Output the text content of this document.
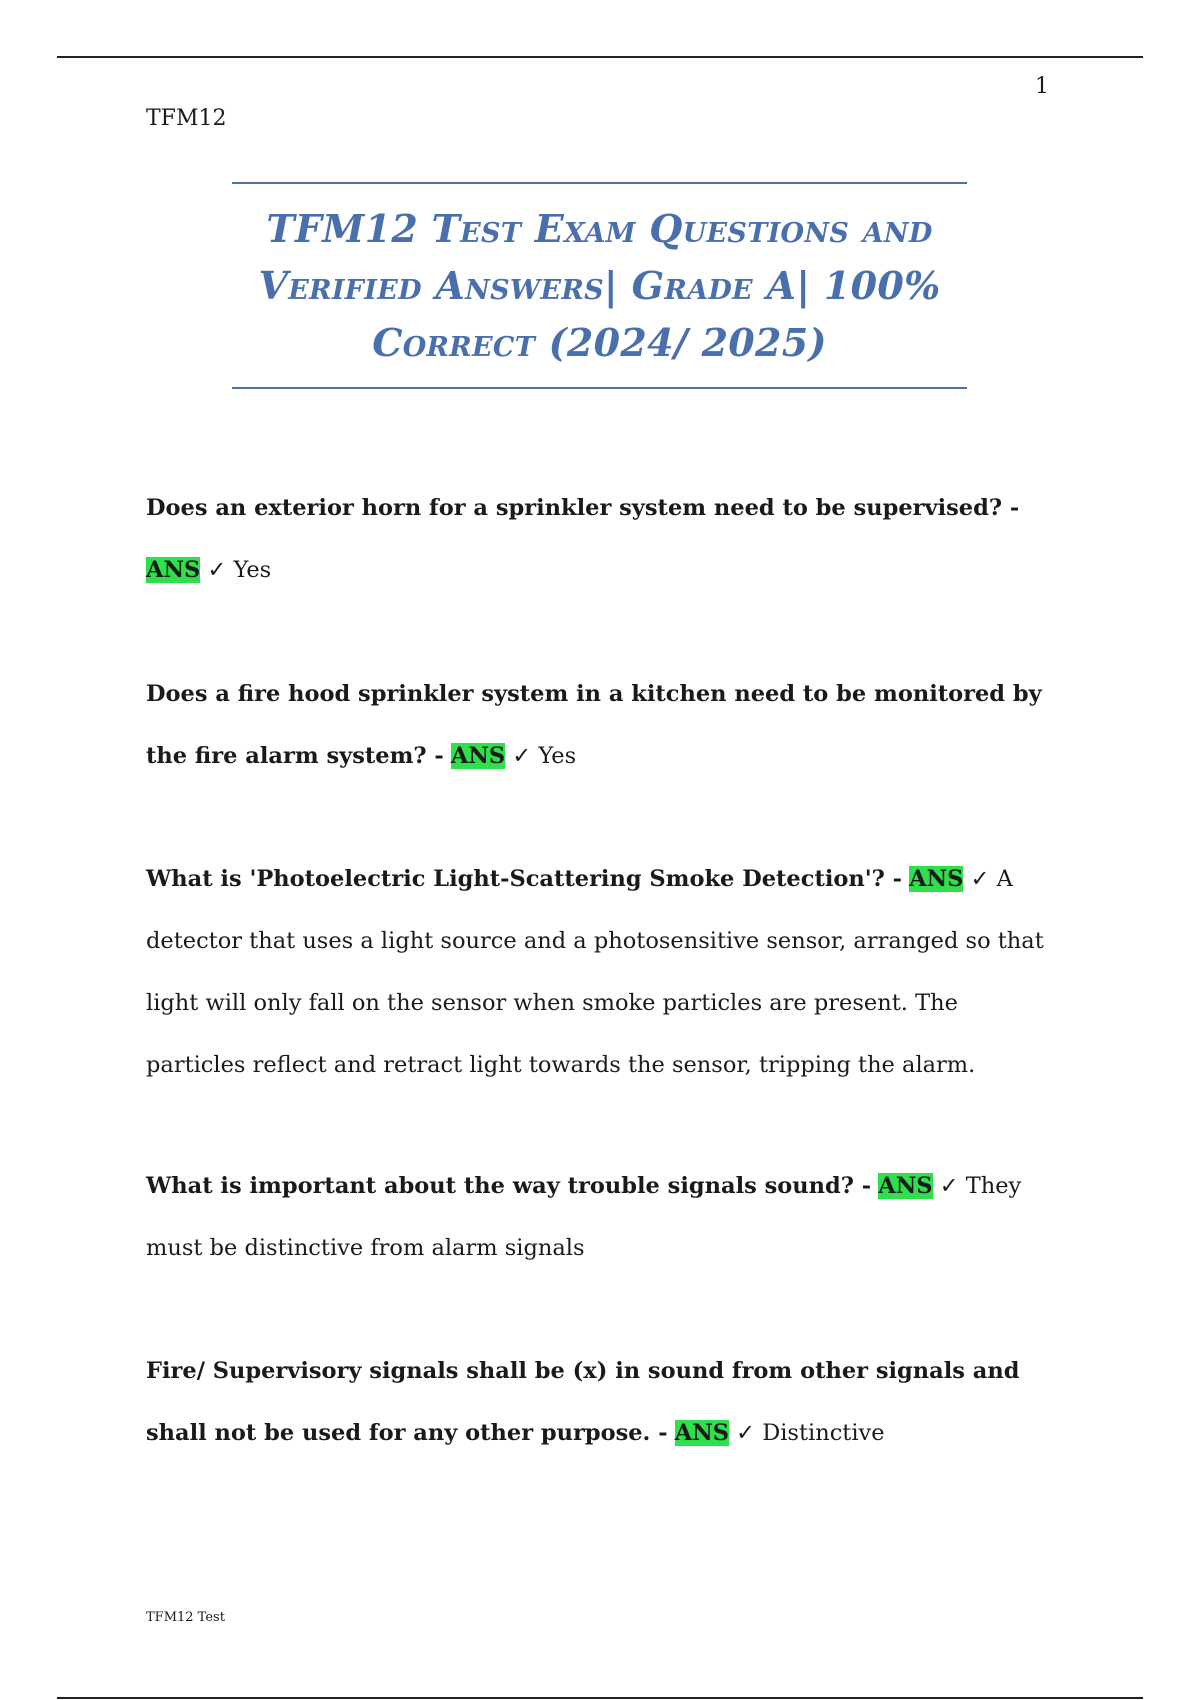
1
TFM12
TFM12 Test Exam Questions and
Verified Answers| Grade A| 100%
Correct (2024/ 2025)
Does an exterior horn for a sprinkler system need to be supervised? - ANS ✓ Yes
Does a fire hood sprinkler system in a kitchen need to be monitored by the fire alarm system? - ANS ✓ Yes
What is 'Photoelectric Light-Scattering Smoke Detection'? - ANS ✓ A detector that uses a light source and a photosensitive sensor, arranged so that light will only fall on the sensor when smoke particles are present. The particles reflect and retract light towards the sensor, tripping the alarm.
What is important about the way trouble signals sound? - ANS ✓ They must be distinctive from alarm signals
Fire/ Supervisory signals shall be (x) in sound from other signals and shall not be used for any other purpose. - ANS ✓ Distinctive
TFM12 Test
